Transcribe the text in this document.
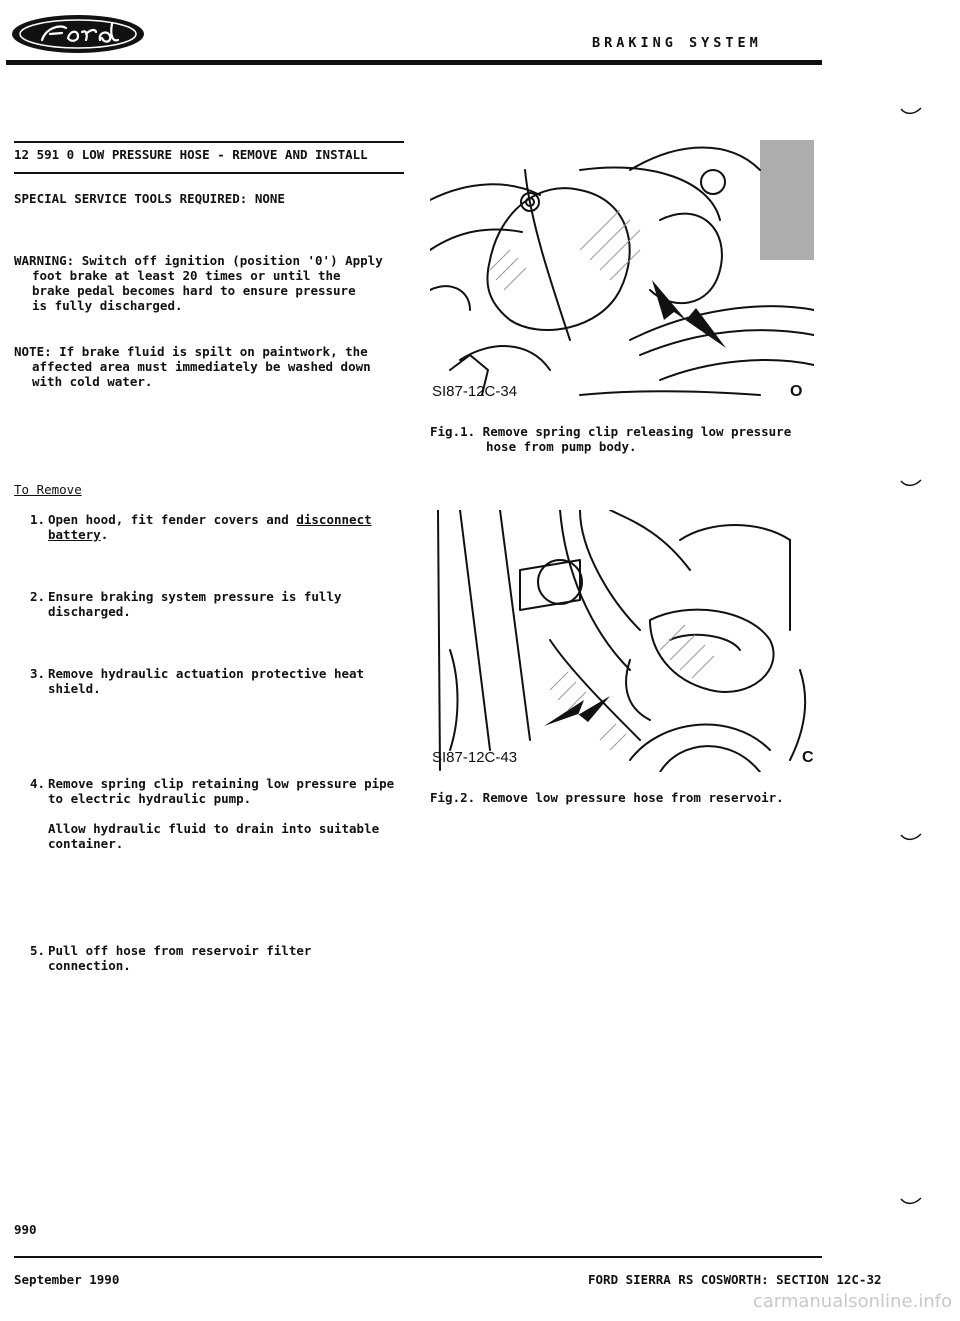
BRAKING SYSTEM
12 591 0 LOW PRESSURE HOSE - REMOVE AND INSTALL
SPECIAL SERVICE TOOLS REQUIRED: NONE
WARNING: Switch off ignition (position '0') Apply
foot brake at least 20 times or until the
brake pedal becomes hard to ensure pressure
is fully discharged.
NOTE: If brake fluid is spilt on paintwork, the
affected area must immediately be washed down
with cold water.
To Remove
1. Open hood, fit fender covers and disconnect
battery.
2. Ensure braking system pressure is fully
discharged.
3. Remove hydraulic actuation protective heat
shield.
4. Remove spring clip retaining low pressure pipe
to electric hydraulic pump.
Allow hydraulic fluid to drain into suitable
container.
5. Pull off hose from reservoir filter
connection.
SI87-12C-34	O
Fig.1. Remove spring clip releasing low pressure
hose from pump body.
SI87-12C-43	C
Fig.2. Remove low pressure hose from reservoir.
990
September 1990	FORD SIERRA RS COSWORTH: SECTION 12C-32
carmanualsonline.info
